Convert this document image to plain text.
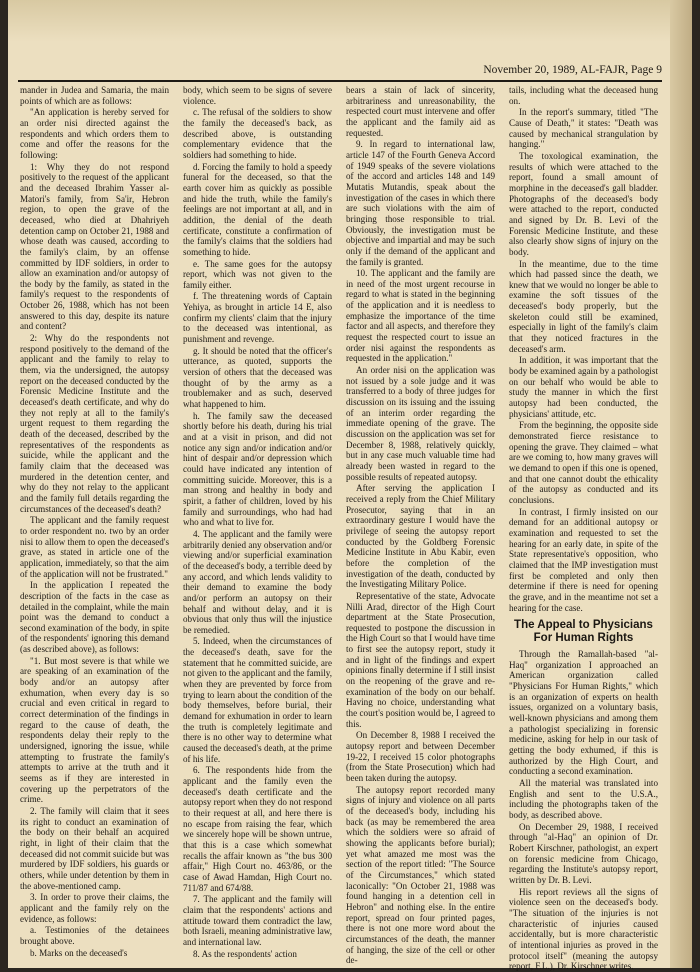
November 20, 1989, AL-FAJR, Page 9

mander in Judea and Samaria, the main points of which are as follows:

"An application is hereby served for an order nisi directed against the respondents and which orders them to come and offer the reasons for the following:

1: Why they do not respond positively to the request of the applicant and the deceased Ibrahim Yasser al-Matori's family, from Sa'ir, Hebron region, to open the grave of the deceased, who died at Dhahriyeh detention camp on October 21, 1988 and whose death was caused, according to the family's claim, by an offense committed by IDF soldiers, in order to allow an examination and/or autopsy of the body by the family, as stated in the family's request to the respondents of October 26, 1988, which has not been answered to this day, despite its nature and content?

2: Why do the respondents not respond positively to the demand of the applicant and the family to relay to them, via the undersigned, the autopsy report on the deceased conducted by the Forensic Medicine Institute and the deceased's death certificate, and why do they not reply at all to the family's urgent request to them regarding the death of the deceased, described by the representatives of the respondents as suicide, while the applicant and the family claim that the deceased was murdered in the detention center, and why do they not relay to the applicant and the family full details regarding the circumstances of the deceased's death?

The applicant and the family request to order respondent no. two by an order nisi to allow them to open the deceased's grave, as stated in article one of the application, immediately, so that the aim of the application will not be frustrated."

In the application I repeated the description of the facts in the case as detailed in the complaint, while the main point was the demand to conduct a second examination of the body, in spite of the respondents' ignoring this demand (as described above), as follows:

"1. But most severe is that while we are speaking of an examination of the body and/or an autopsy after exhumation, when every day is so crucial and even critical in regard to correct determination of the findings in regard to the cause of death, the respondents delay their reply to the undersigned, ignoring the issue, while attempting to frustrate the family's attempts to arrive at the truth and it seems as if they are interested in covering up the perpetrators of the crime.

2. The family will claim that it sees its right to conduct an examination of the body on their behalf an acquired right, in light of their claim that the deceased did not commit suicide but was murdered by IDF soldiers, his guards or others, while under detention by them in the above-mentioned camp.

3. In order to prove their claims, the applicant and the family rely on the evidence, as follows:

a. Testimonies of the detainees brought above.

b. Marks on the deceased's

body, which seem to be signs of severe violence.

c. The refusal of the soldiers to show the family the deceased's back, as described above, is outstanding complementary evidence that the soldiers had something to hide.

d. Forcing the family to hold a speedy funeral for the deceased, so that the earth cover him as quickly as possible and hide the truth, while the family's feelings are not important at all, and in addition, the denial of the death certificate, constitute a confirmation of the family's claims that the soldiers had something to hide.

e. The same goes for the autopsy report, which was not given to the family either.

f. The threatening words of Captain Yehiya, as brought in article 14 E, also confirm my clients' claim that the injury to the deceased was intentional, as punishment and revenge.

g. It should be noted that the officer's utterance, as quoted, supports the version of others that the deceased was thought of by the army as a troublemaker and as such, deserved what happened to him.

h. The family saw the deceased shortly before his death, during his trial and at a visit in prison, and did not notice any sign and/or indication and/or hint of despair and/or depression which could have indicated any intention of committing suicide. Moreover, this is a man strong and healthy in body and spirit, a father of children, loved by his family and surroundings, who had had who and what to live for.

4. The applicant and the family were arbitrarily denied any observation and/or viewing and/or superficial examination of the deceased's body, a terrible deed by any accord, and which lends validity to their demand to examine the body and/or perform an autopsy on their behalf and without delay, and it is obvious that only thus will the injustice be remedied.

5. Indeed, when the circumstances of the deceased's death, save for the statement that he committed suicide, are not given to the applicant and the family, when they are prevented by force from trying to learn about the condition of the body themselves, before burial, their demand for exhumation in order to learn the truth is completely legitimate and there is no other way to determine what caused the deceased's death, at the prime of his life.

6. The respondents hide from the applicant and the family even the deceased's death certificate and the autopsy report when they do not respond to their request at all, and here there is no escape from raising the fear, which we sincerely hope will be shown untrue, that this is a case which somewhat recalls the affair known as "the bus 300 affair," High Court no. 463/86, or the case of Awad Hamdan, High Court no. 711/87 and 674/88.

7. The applicant and the family will claim that the respondents' actions and attitude toward them contradict the law, both Israeli, meaning administrative law, and international law.

8. As the respondents' action

bears a stain of lack of sincerity, arbitrariness and unreasonability, the respected court must intervene and offer the applicant and the family aid as requested.

9. In regard to international law, article 147 of the Fourth Geneva Accord of 1949 speaks of the severe violations of the accord and articles 148 and 149 Mutatis Mutandis, speak about the investigation of the cases in which there are such violations with the aim of bringing those responsible to trial. Obviously, the investigation must be objective and impartial and may be such only if the demand of the applicant and the family is granted.

10. The applicant and the family are in need of the most urgent recourse in regard to what is stated in the beginning of the application and it is needless to emphasize the importance of the time factor and all aspects, and therefore they request the respected court to issue an order nisi against the respondents as requested in the application."

An order nisi on the application was not issued by a sole judge and it was transferred to a body of three judges for discussion on its issuing and the issuing of an interim order regarding the immediate opening of the grave. The discussion on the application was set for December 8, 1988, relatively quickly, but in any case much valuable time had already been wasted in regard to the possible results of repeated autopsy.

After serving the application I received a reply from the Chief Military Prosecutor, saying that in an extraordinary gesture I would have the privilege of seeing the autopsy report conducted by the Goldberg Forensic Medicine Institute in Abu Kabir, even before the completion of the investigation of the death, conducted by the Investigating Military Police.

Representative of the state, Advocate Nilli Arad, director of the High Court department at the State Prosecution, requested to postpone the discussion in the High Court so that I would have time to first see the autopsy report, study it and in light of the findings and expert opinions finally determine if I still insist on the reopening of the grave and re-examination of the body on our behalf. Having no choice, understanding what the court's position would be, I agreed to this.

On December 8, 1988 I received the autopsy report and between December 19-22, I received 15 color photographs (from the State Prosecution) which had been taken during the autopsy.

The autopsy report recorded many signs of injury and violence on all parts of the deceased's body, including his back (as may be remembered the area which the soldiers were so afraid of showing the applicants before burial); yet what amazed me most was the section of the report titled: "The Source of the Circumstances," which stated laconically: "On October 21, 1988 was found hanging in a detention cell in Hebron" and nothing else. In the entire report, spread on four printed pages, there is not one more word about the circumstances of the death, the manner of hanging, the size of the cell or other de-

tails, including what the deceased hung on.

In the report's summary, titled "The Cause of Death," it states: "Death was caused by mechanical strangulation by hanging."

The toxological examination, the results of which were attached to the report, found a small amount of morphine in the deceased's gall bladder. Photographs of the deceased's body were attached to the report, conducted and signed by Dr. B. Levi of the Forensic Medicine Institute, and these also clearly show signs of injury on the body.

In the meantime, due to the time which had passed since the death, we knew that we would no longer be able to examine the soft tissues of the deceased's body properly, but the skeleton could still be examined, especially in light of the family's claim that they noticed fractures in the deceased's arm.

In addition, it was important that the body be examined again by a pathologist on our behalf who would be able to study the manner in which the first autopsy had been conducted, the physicians' attitude, etc.

From the beginning, the opposite side demonstrated fierce resistance to opening the grave. They claimed – what are we coming to, how many graves will we demand to open if this one is opened, and that one cannot doubt the ethicality of the autopsy as conducted and its conclusions.

In contrast, I firmly insisted on our demand for an additional autopsy or examination and requested to set the hearing for an early date, in spite of the State representative's opposition, who claimed that the IMP investigation must first be completed and only then determine if there is need for opening the grave, and in the meantime not set a hearing for the case.

The Appeal to Physicians For Human Rights

Through the Ramallah-based "al-Haq" organization I approached an American organization called "Physicians For Human Rights," which is an organization of experts on health issues, organized on a voluntary basis, well-known physicians and among them a pathologist specializing in forensic medicine, asking for help in our task of getting the body exhumed, if this is authorized by the High Court, and conducting a second examination.

All the material was translated into English and sent to the U.S.A., including the photographs taken of the body, as described above.

On December 29, 1988, I received through "al-Haq" an opinion of Dr. Robert Kirschner, pathologist, an expert on forensic medicine from Chicago, regarding the Institute's autopsy report, written by Dr. B. Levi.

His report reviews all the signs of violence seen on the deceased's body. "The situation of the injuries is not characteristic of injuries caused accidentally, but is more characteristic of intentional injuries as proved in the protocol itself" (meaning the autopsy report, F.L.), Dr. Kirschner writes.
